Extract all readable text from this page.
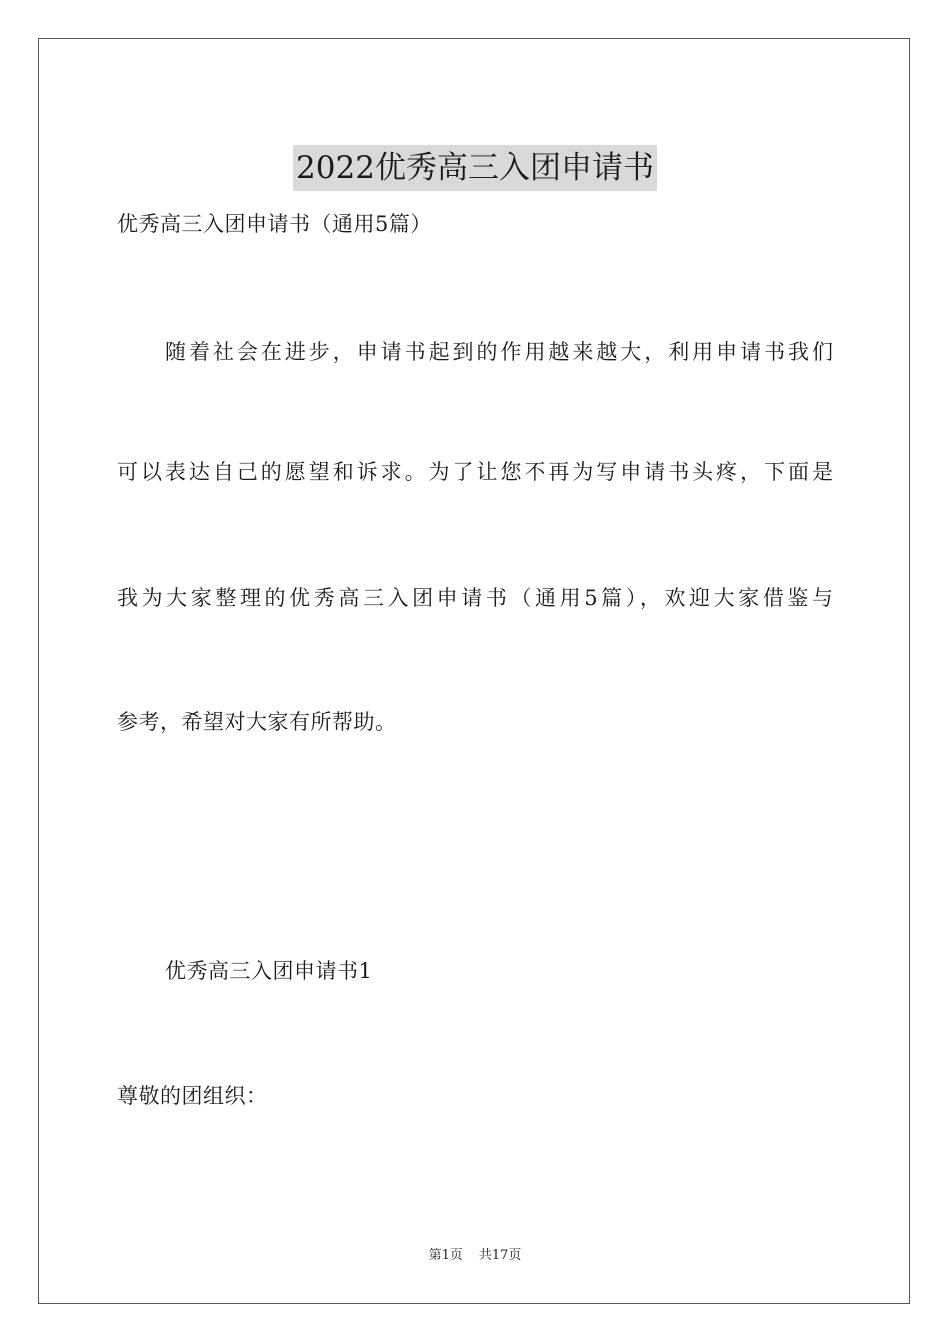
2022优秀高三入团申请书
优秀高三入团申请书（通用5篇）
随着社会在进步，申请书起到的作用越来越大，利用申请书我们
可以表达自己的愿望和诉求。为了让您不再为写申请书头疼，下面是
我为大家整理的优秀高三入团申请书（通用5篇），欢迎大家借鉴与
参考，希望对大家有所帮助。
优秀高三入团申请书1
尊敬的团组织：
第1页 共17页
